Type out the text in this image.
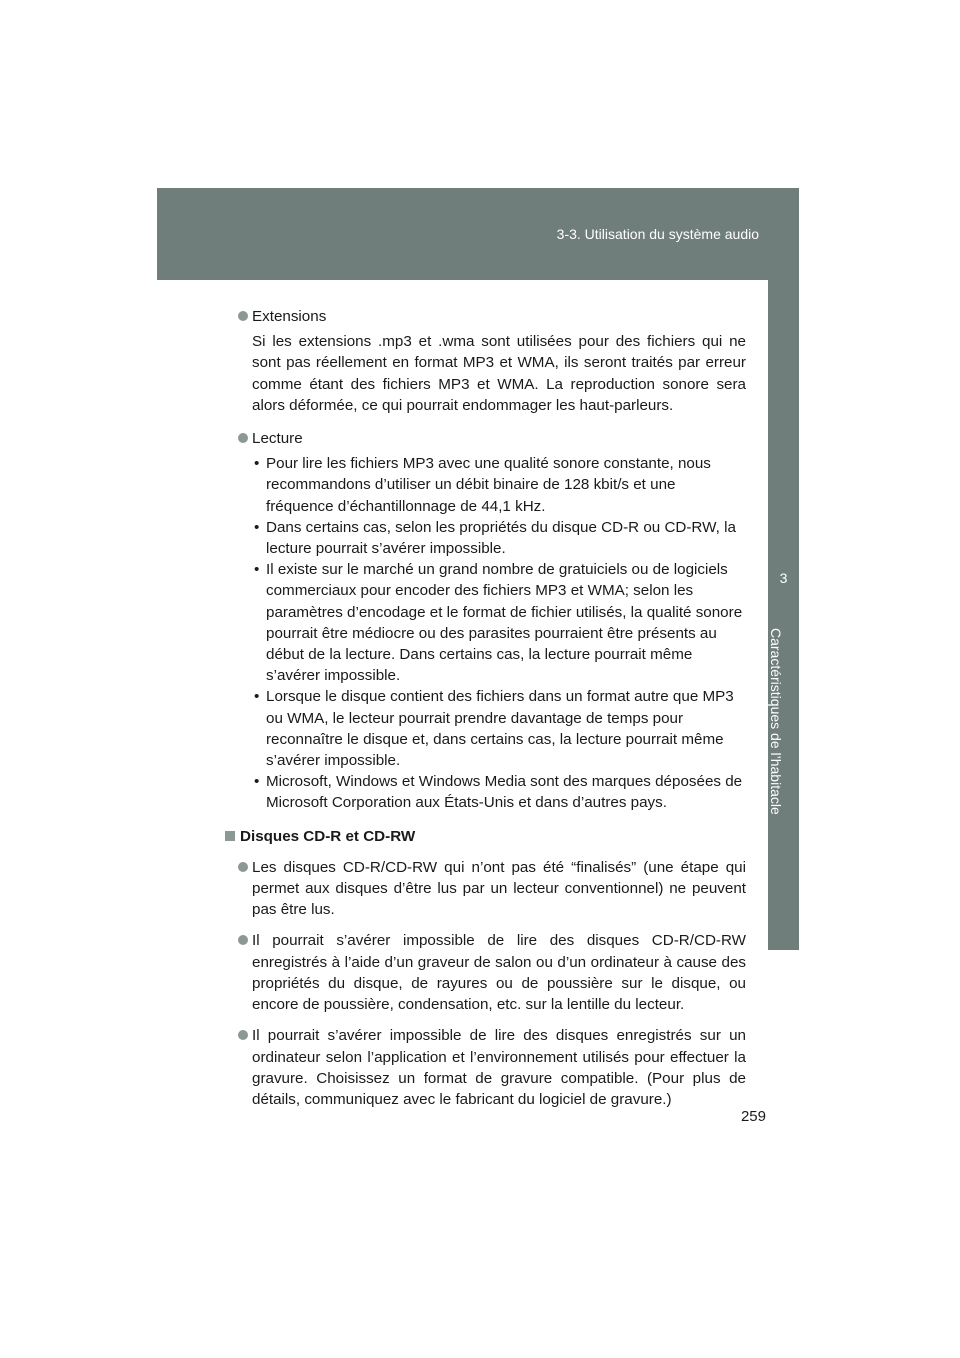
3-3. Utilisation du système audio
3
Caractéristiques de l’habitacle
Extensions
Si les extensions .mp3 et .wma sont utilisées pour des fichiers qui ne sont pas réellement en format MP3 et WMA, ils seront traités par erreur comme étant des fichiers MP3 et WMA. La reproduction sonore sera alors déformée, ce qui pourrait endommager les haut-parleurs.
Lecture
• Pour lire les fichiers MP3 avec une qualité sonore constante, nous recommandons d’utiliser un débit binaire de 128 kbit/s et une fréquence d’échantillonnage de 44,1 kHz.
• Dans certains cas, selon les propriétés du disque CD-R ou CD-RW, la lecture pourrait s’avérer impossible.
• Il existe sur le marché un grand nombre de gratuiciels ou de logiciels commerciaux pour encoder des fichiers MP3 et WMA; selon les paramètres d’encodage et le format de fichier utilisés, la qualité sonore pourrait être médiocre ou des parasites pourraient être présents au début de la lecture. Dans certains cas, la lecture pourrait même s’avérer impossible.
• Lorsque le disque contient des fichiers dans un format autre que MP3 ou WMA, le lecteur pourrait prendre davantage de temps pour reconnaître le disque et, dans certains cas, la lecture pourrait même s’avérer impossible.
• Microsoft, Windows et Windows Media sont des marques déposées de Microsoft Corporation aux États-Unis et dans d’autres pays.
Disques CD-R et CD-RW
Les disques CD-R/CD-RW qui n’ont pas été “finalisés” (une étape qui permet aux disques d’être lus par un lecteur conventionnel) ne peuvent pas être lus.
Il pourrait s’avérer impossible de lire des disques CD-R/CD-RW enregistrés à l’aide d’un graveur de salon ou d’un ordinateur à cause des propriétés du disque, de rayures ou de poussière sur le disque, ou encore de poussière, condensation, etc. sur la lentille du lecteur.
Il pourrait s’avérer impossible de lire des disques enregistrés sur un ordinateur selon l’application et l’environnement utilisés pour effectuer la gravure. Choisissez un format de gravure compatible. (Pour plus de détails, communiquez avec le fabricant du logiciel de gravure.)
259
